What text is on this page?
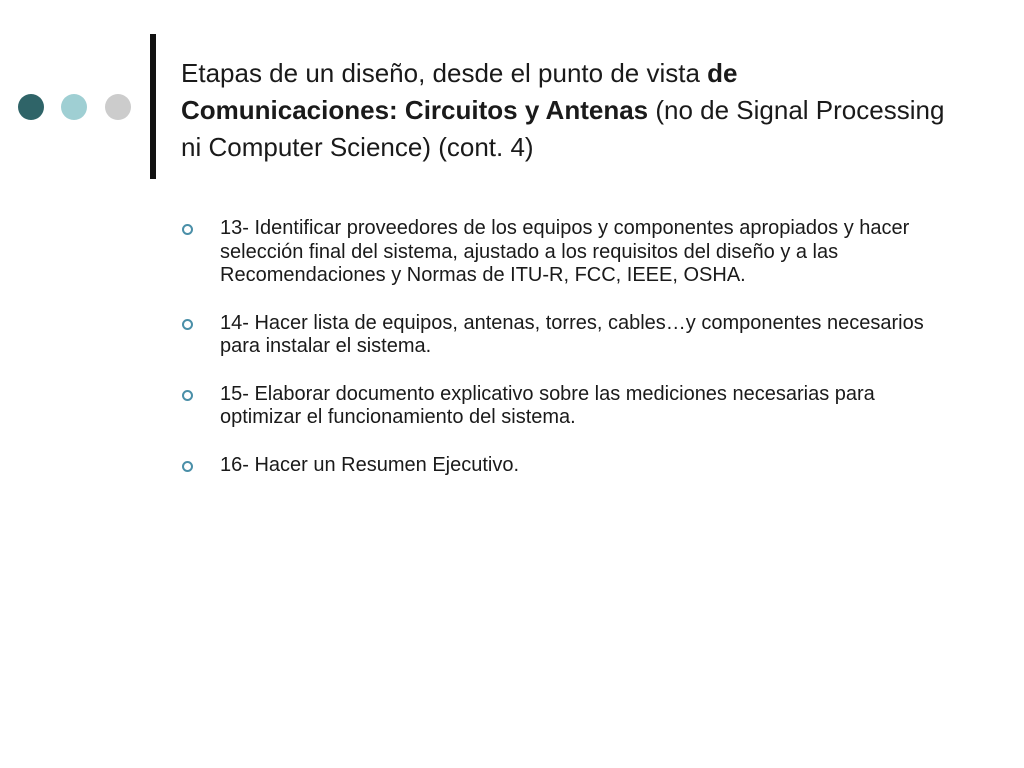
Etapas de un diseño, desde el punto de vista de Comunicaciones: Circuitos y Antenas (no de Signal Processing ni Computer Science) (cont. 4)
13- Identificar proveedores de los equipos y componentes apropiados y hacer selección final del sistema, ajustado a los requisitos del diseño y a las Recomendaciones y Normas de ITU-R, FCC, IEEE, OSHA.
14- Hacer lista de equipos, antenas, torres, cables…y componentes necesarios para instalar el sistema.
15- Elaborar documento explicativo sobre las mediciones necesarias para optimizar el funcionamiento del sistema.
16- Hacer un Resumen Ejecutivo.
